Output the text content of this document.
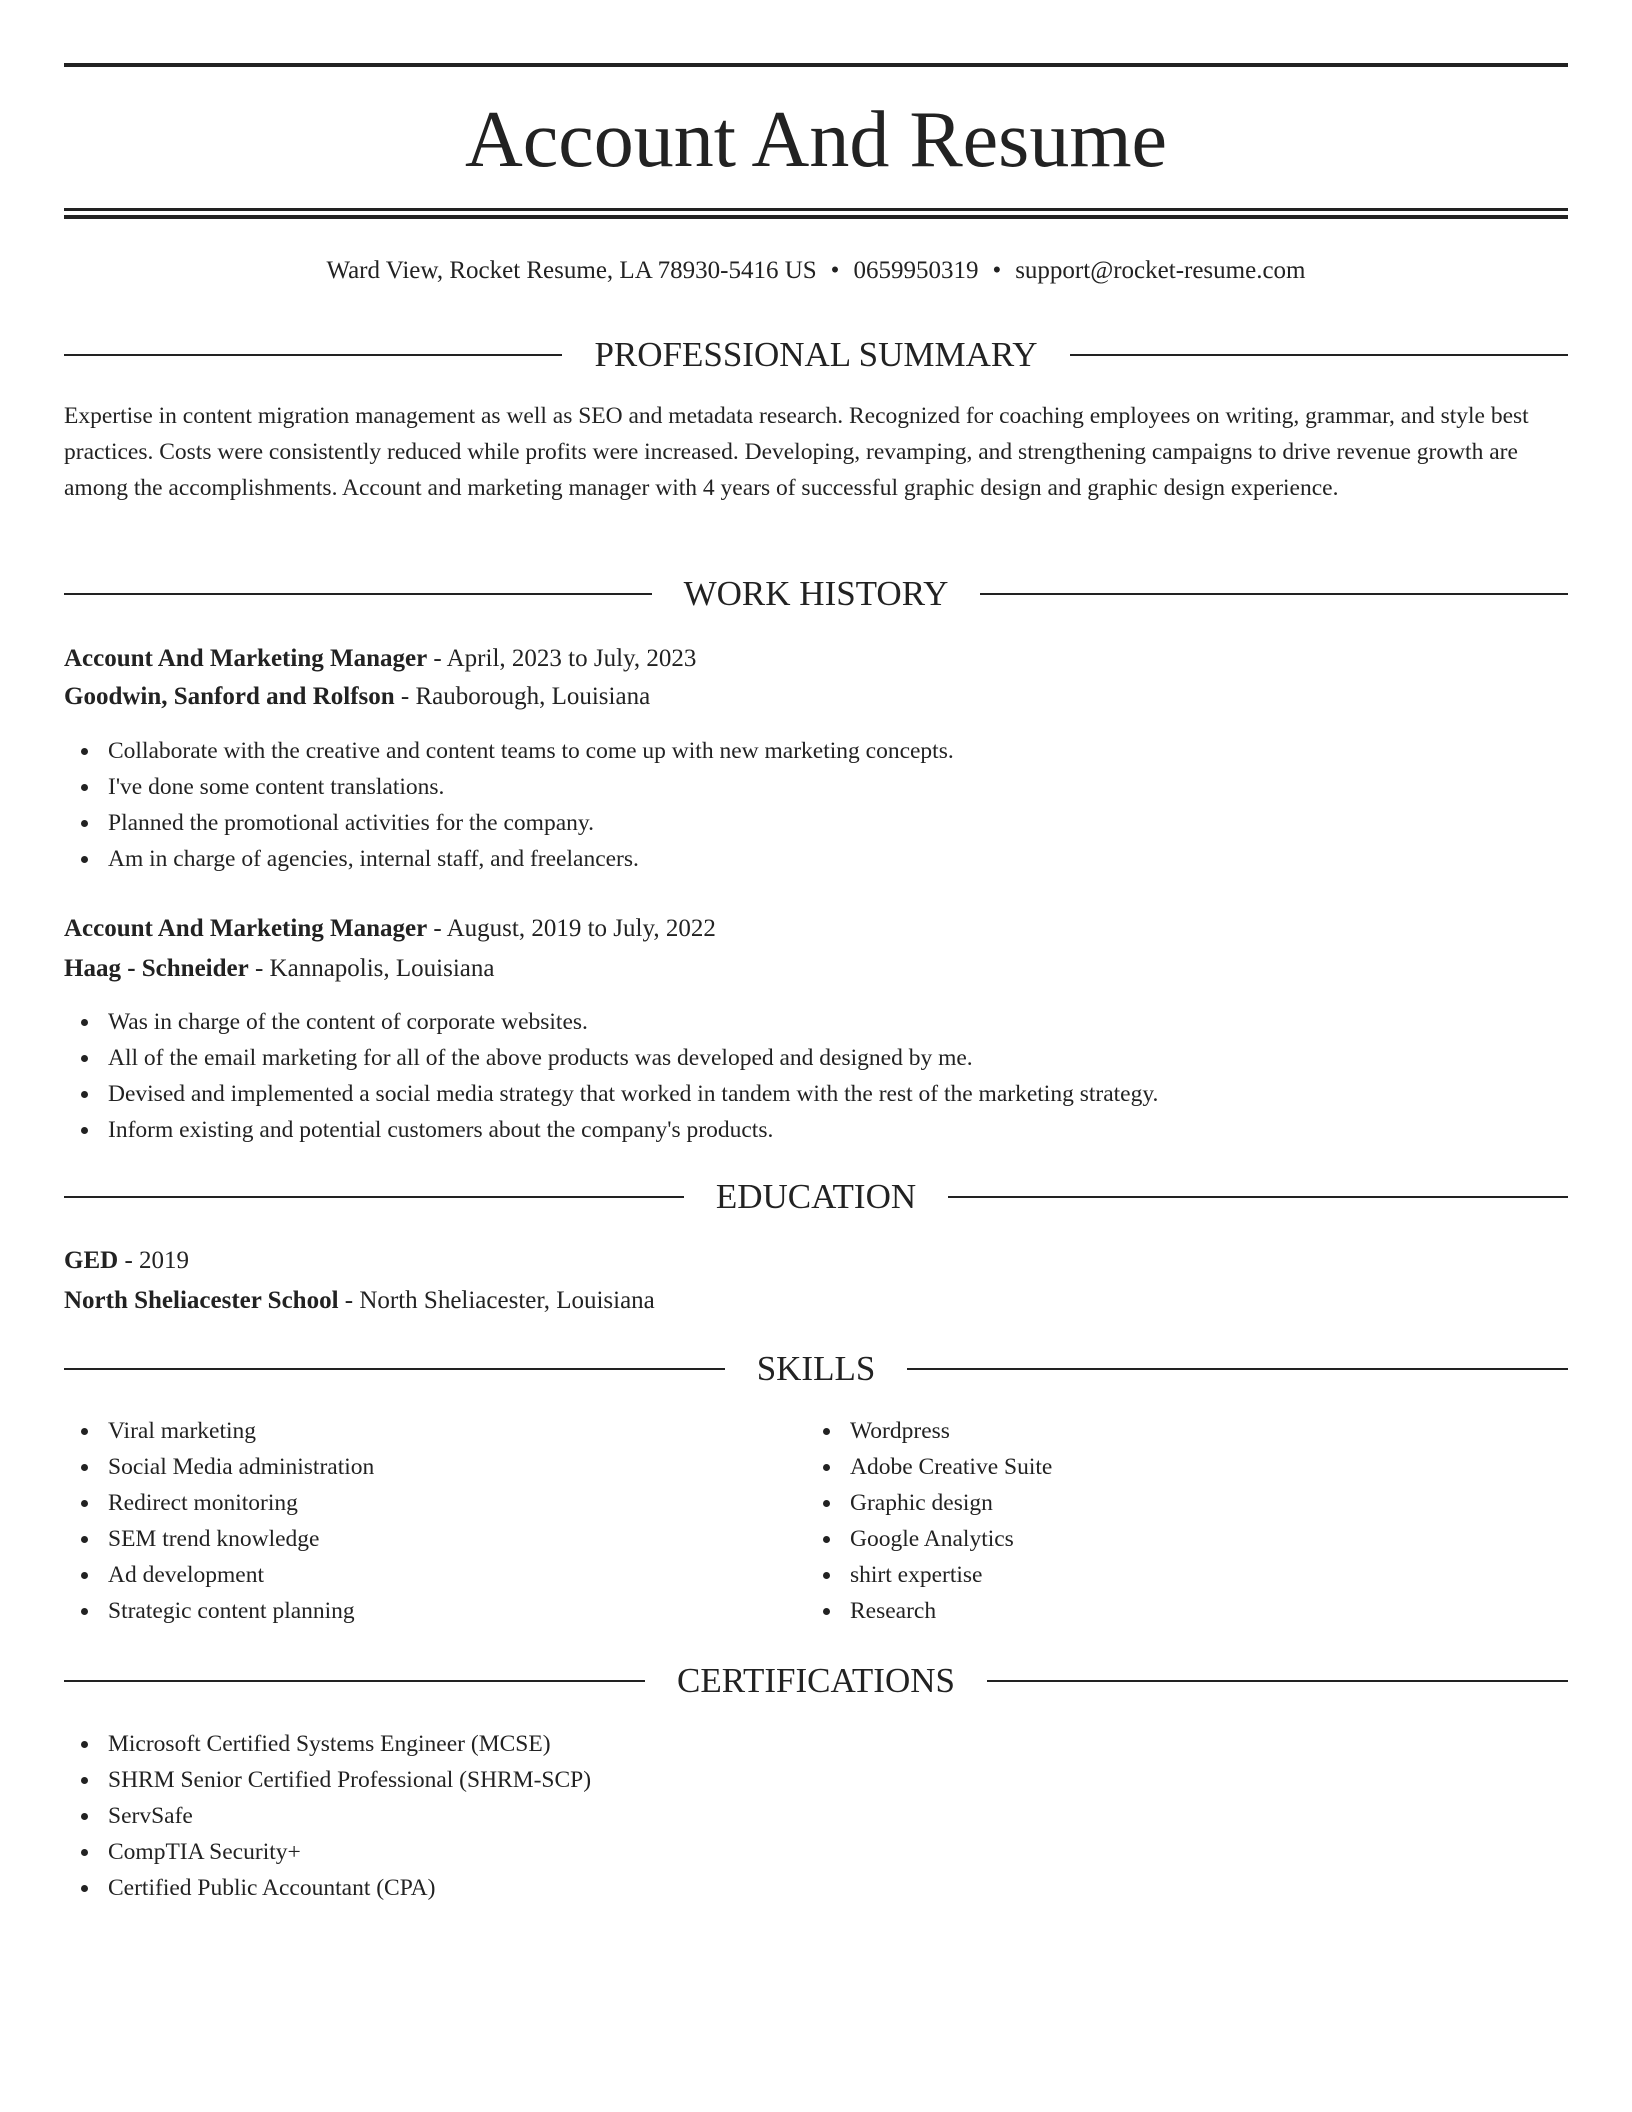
Account And Resume
Ward View, Rocket Resume, LA 78930-5416 US • 0659950319 • support@rocket-resume.com
PROFESSIONAL SUMMARY

Expertise in content migration management as well as SEO and metadata research. Recognized for coaching employees on writing, grammar, and style best practices. Costs were consistently reduced while profits were increased. Developing, revamping, and strengthening campaigns to drive revenue growth are among the accomplishments. Account and marketing manager with 4 years of successful graphic design and graphic design experience.

WORK HISTORY
Account And Marketing Manager - April, 2023 to July, 2023
Goodwin, Sanford and Rolfson - Rauborough, Louisiana
Collaborate with the creative and content teams to come up with new marketing concepts.
I've done some content translations.
Planned the promotional activities for the company.
Am in charge of agencies, internal staff, and freelancers.
Account And Marketing Manager - August, 2019 to July, 2022
Haag - Schneider - Kannapolis, Louisiana
Was in charge of the content of corporate websites.
All of the email marketing for all of the above products was developed and designed by me.
Devised and implemented a social media strategy that worked in tandem with the rest of the marketing strategy.
Inform existing and potential customers about the company's products.
EDUCATION
GED - 2019
North Sheliacester School - North Sheliacester, Louisiana
SKILLS
Viral marketing
Social Media administration
Redirect monitoring
SEM trend knowledge
Ad development
Strategic content planning
Wordpress
Adobe Creative Suite
Graphic design
Google Analytics
shirt expertise
Research
CERTIFICATIONS
Microsoft Certified Systems Engineer (MCSE)
SHRM Senior Certified Professional (SHRM-SCP)
ServSafe
CompTIA Security+
Certified Public Accountant (CPA)
